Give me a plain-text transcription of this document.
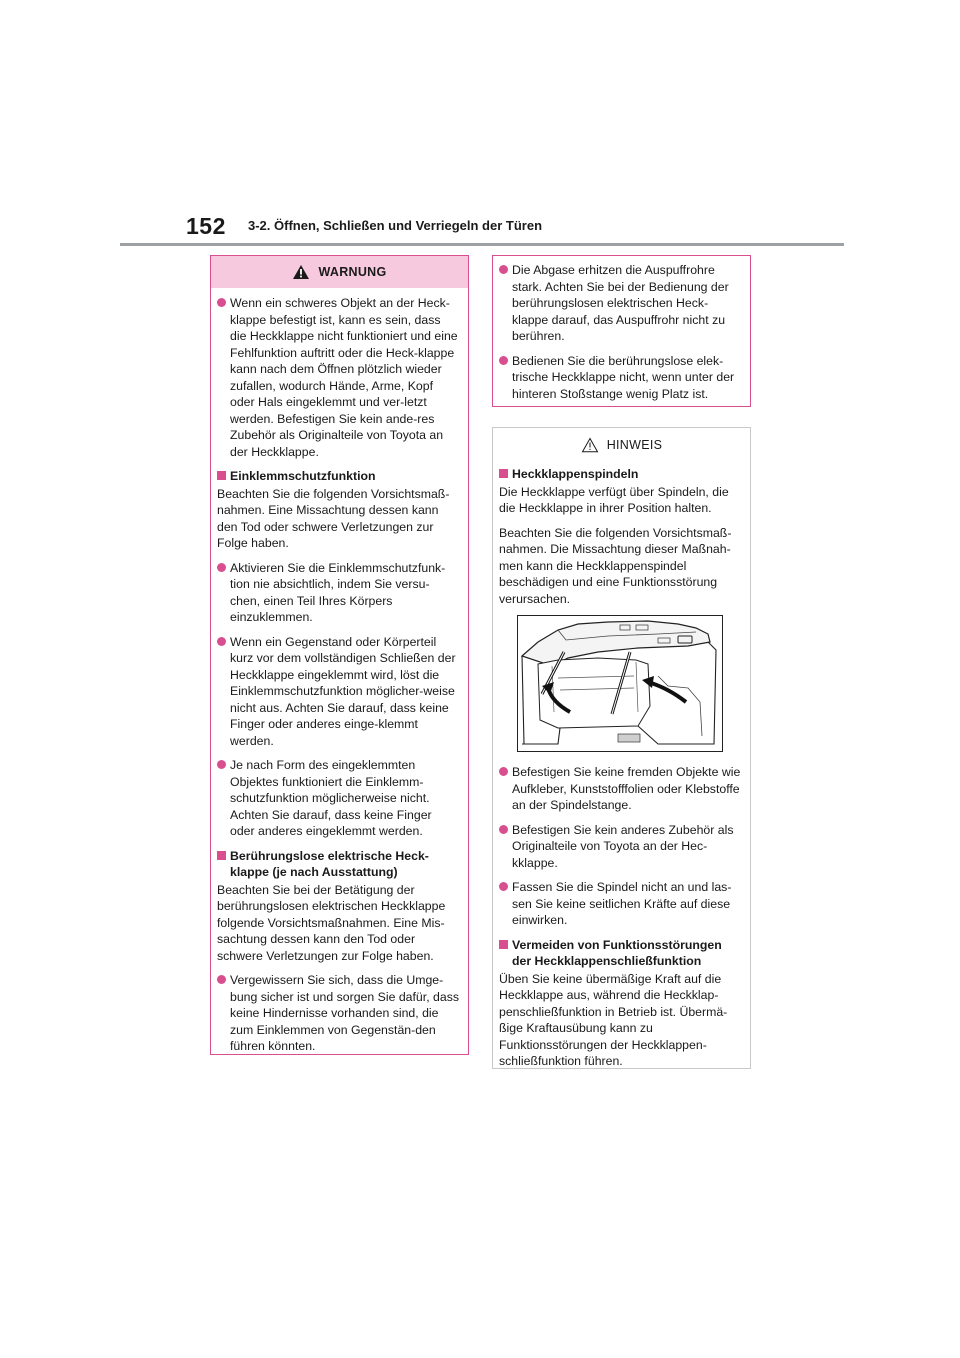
152 3-2. Öffnen, Schließen und Verriegeln der Türen
WARNUNG
Wenn ein schweres Objekt an der Heck-klappe befestigt ist, kann es sein, dass die Heckklappe nicht funktioniert und eine Fehlfunktion auftritt oder die Heck-klappe kann nach dem Öffnen plötzlich wieder zufallen, wodurch Hände, Arme, Kopf oder Hals eingeklemmt und ver-letzt werden. Befestigen Sie kein ande-res Zubehör als Originalteile von Toyota an der Heckklappe.
Einklemmschutzfunktion
Beachten Sie die folgenden Vorsichtsmaß-nahmen. Eine Missachtung dessen kann den Tod oder schwere Verletzungen zur Folge haben.
Aktivieren Sie die Einklemmschutzfunk-tion nie absichtlich, indem Sie versu-chen, einen Teil Ihres Körpers einzuklemmen.
Wenn ein Gegenstand oder Körperteil kurz vor dem vollständigen Schließen der Heckklappe eingeklemmt wird, löst die Einklemmschutzfunktion möglicher-weise nicht aus. Achten Sie darauf, dass keine Finger oder anderes einge-klemmt werden.
Je nach Form des eingeklemmten Objektes funktioniert die Einklemm-schutzfunktion möglicherweise nicht. Achten Sie darauf, dass keine Finger oder anderes eingeklemmt werden.
Berührungslose elektrische Heck-klappe (je nach Ausstattung)
Beachten Sie bei der Betätigung der berührungslosen elektrischen Heckklappe folgende Vorsichtsmaßnahmen. Eine Mis-sachtung dessen kann den Tod oder schwere Verletzungen zur Folge haben.
Vergewissern Sie sich, dass die Umge-bung sicher ist und sorgen Sie dafür, dass keine Hindernisse vorhanden sind, die zum Einklemmen von Gegenstän-den führen könnten.
Die Abgase erhitzen die Auspuffrohre stark. Achten Sie bei der Bedienung der berührungslosen elektrischen Heck-klappe darauf, das Auspuffrohr nicht zu berühren.
Bedienen Sie die berührungslose elek-trische Heckklappe nicht, wenn unter der hinteren Stoßstange wenig Platz ist.
HINWEIS
Heckklappenspindeln
Die Heckklappe verfügt über Spindeln, die die Heckklappe in ihrer Position halten.
Beachten Sie die folgenden Vorsichtsmaß-nahmen. Die Missachtung dieser Maßnah-men kann die Heckklappenspindel beschädigen und eine Funktionsstörung verursachen.
Befestigen Sie keine fremden Objekte wie Aufkleber, Kunststofffolien oder Klebstoffe an der Spindelstange.
Befestigen Sie kein anderes Zubehör als Originalteile von Toyota an der Hec-kklappe.
Fassen Sie die Spindel nicht an und las-sen Sie keine seitlichen Kräfte auf diese einwirken.
Vermeiden von Funktionsstörungen der Heckklappenschließfunktion
Üben Sie keine übermäßige Kraft auf die Heckklappe aus, während die Heckklap-penschließfunktion in Betrieb ist. Übermä-ßige Kraftausübung kann zu Funktionsstörungen der Heckklappen-schließfunktion führen.
